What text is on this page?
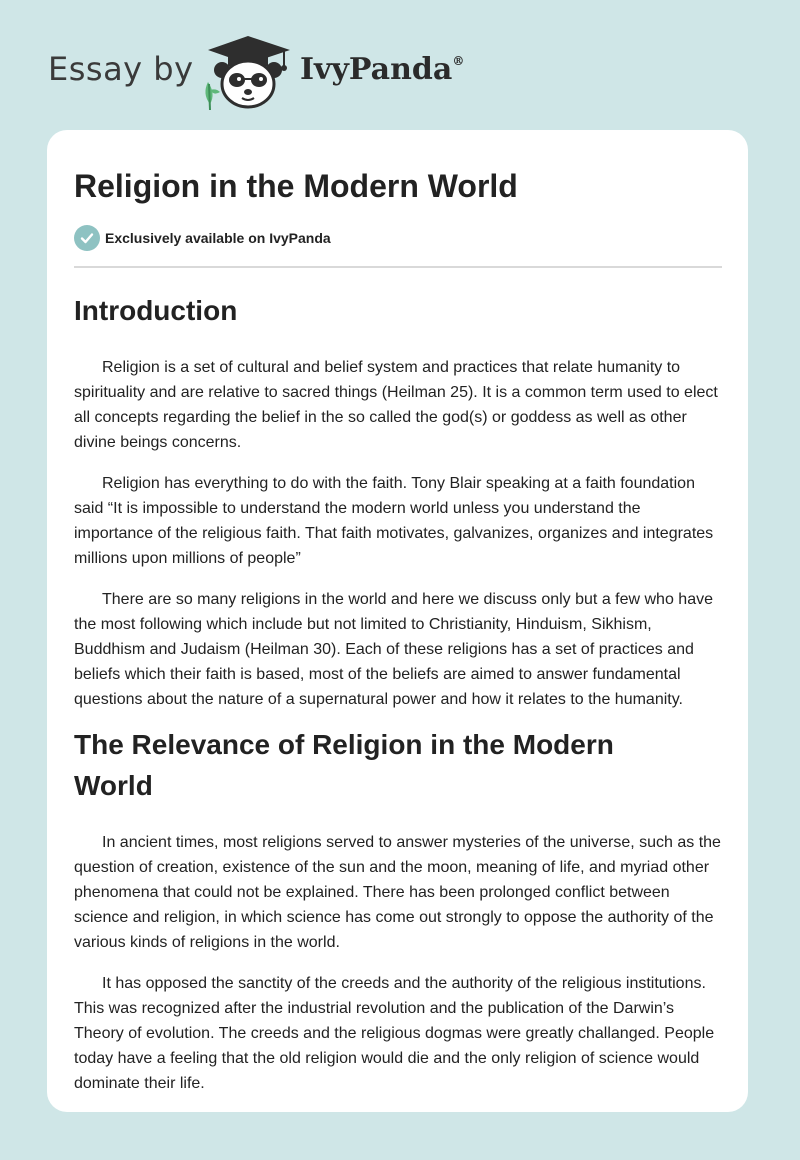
Essay by	IvyPanda®
Religion in the Modern World
Exclusively available on IvyPanda
Introduction

Religion is a set of cultural and belief system and practices that relate humanity to spirituality and are relative to sacred things (Heilman 25). It is a common term used to elect all concepts regarding the belief in the so called the god(s) or goddess as well as other divine beings concerns.

Religion has everything to do with the faith. Tony Blair speaking at a faith foundation said “It is impossible to understand the modern world unless you understand the importance of the religious faith. That faith motivates, galvanizes, organizes and integrates millions upon millions of people”

There are so many religions in the world and here we discuss only but a few who have the most following which include but not limited to Christianity, Hinduism, Sikhism, Buddhism and Judaism (Heilman 30). Each of these religions has a set of practices and beliefs which their faith is based, most of the beliefs are aimed to answer fundamental questions about the nature of a supernatural power and how it relates to the humanity.

The Relevance of Religion in the Modern World

In ancient times, most religions served to answer mysteries of the universe, such as the question of creation, existence of the sun and the moon, meaning of life, and myriad other phenomena that could not be explained. There has been prolonged conflict between science and religion, in which science has come out strongly to oppose the authority of the various kinds of religions in the world.

It has opposed the sanctity of the creeds and the authority of the religious institutions. This was recognized after the industrial revolution and the publication of the Darwin’s Theory of evolution. The creeds and the religious dogmas were greatly challanged. People today have a feeling that the old religion would die and the only religion of science would dominate their life.
